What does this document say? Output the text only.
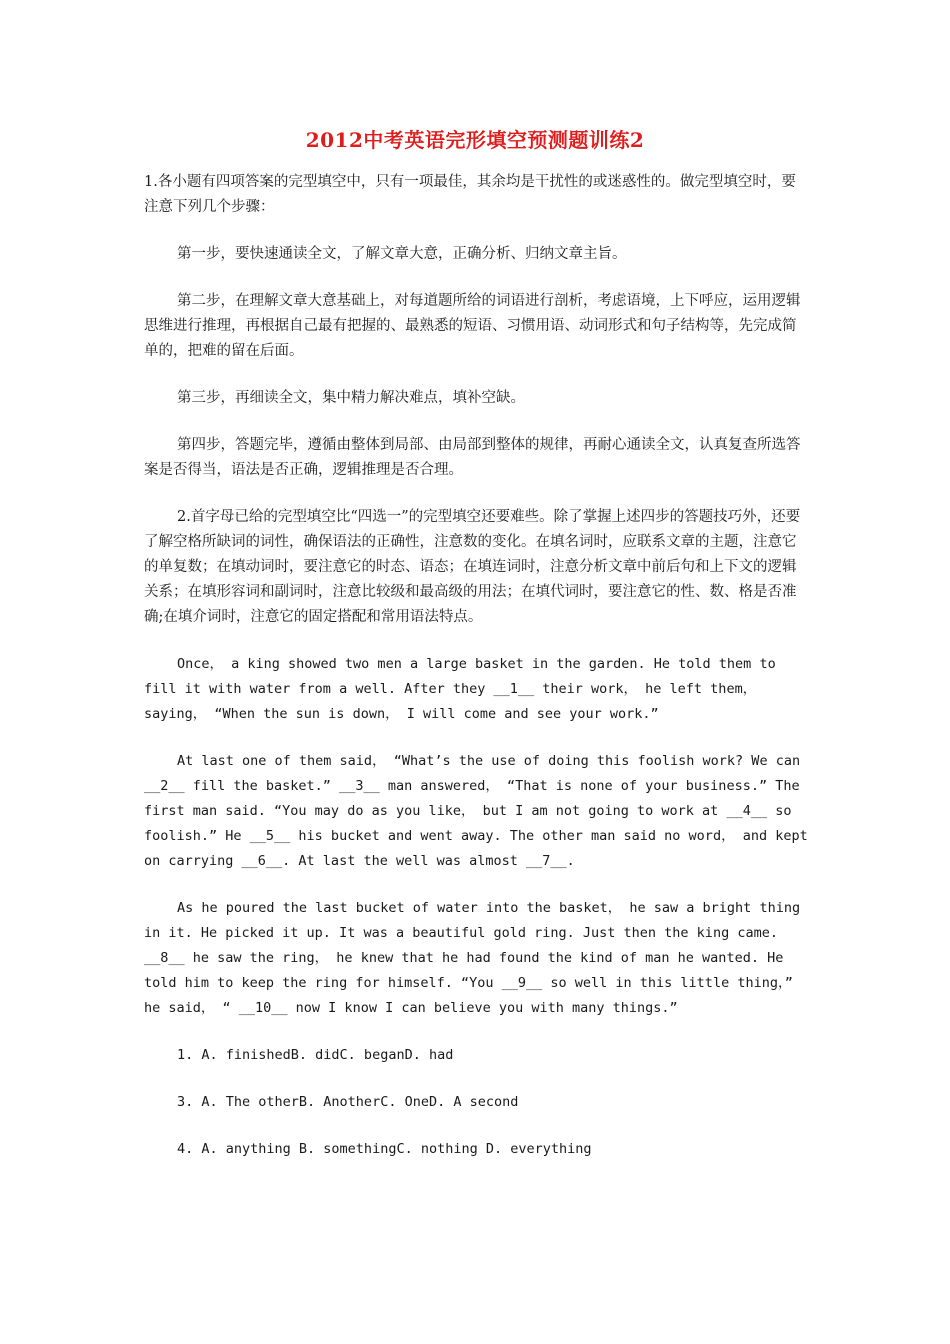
2012中考英语完形填空预测题训练2

1.各小题有四项答案的完型填空中，只有一项最佳，其余均是干扰性的或迷惑性的。做完型填空时，要注意下列几个步骤：

第一步，要快速通读全文，了解文章大意，正确分析、归纳文章主旨。

第二步，在理解文章大意基础上，对每道题所给的词语进行剖析，考虑语境，上下呼应，运用逻辑思维进行推理，再根据自己最有把握的、最熟悉的短语、习惯用语、动词形式和句子结构等，先完成简单的，把难的留在后面。

第三步，再细读全文，集中精力解决难点，填补空缺。

第四步，答题完毕，遵循由整体到局部、由局部到整体的规律，再耐心通读全文，认真复查所选答案是否得当，语法是否正确，逻辑推理是否合理。

2.首字母已给的完型填空比“四选一”的完型填空还要难些。除了掌握上述四步的答题技巧外，还要了解空格所缺词的词性，确保语法的正确性，注意数的变化。在填名词时，应联系文章的主题，注意它的单复数；在填动词时，要注意它的时态、语态；在填连词时，注意分析文章中前后句和上下文的逻辑关系；在填形容词和副词时，注意比较级和最高级的用法；在填代词时，要注意它的性、数、格是否准确;在填介词时，注意它的固定搭配和常用语法特点。

Once， a king showed two men a large basket in the garden. He told them to fill it with water from a well. After they __1__ their work， he left them， saying， “When the sun is down， I will come and see your work.”

At last one of them said， “What’s the use of doing this foolish work? We can __2__ fill the basket.” __3__ man answered， “That is none of your business.” The first man said. “You may do as you like， but I am not going to work at __4__ so foolish.” He __5__ his bucket and went away. The other man said no word， and kept on carrying __6__. At last the well was almost __7__.

As he poured the last bucket of water into the basket， he saw a bright thing in it. He picked it up. It was a beautiful gold ring. Just then the king came. __8__ he saw the ring， he knew that he had found the kind of man he wanted. He told him to keep the ring for himself. “You __9__ so well in this little thing，” he said， “ __10__ now I know I can believe you with many things.”

1. A. finishedB. didC. beganD. had

3. A. The otherB. AnotherC. OneD. A second

4. A. anything B. somethingC. nothing D. everything
